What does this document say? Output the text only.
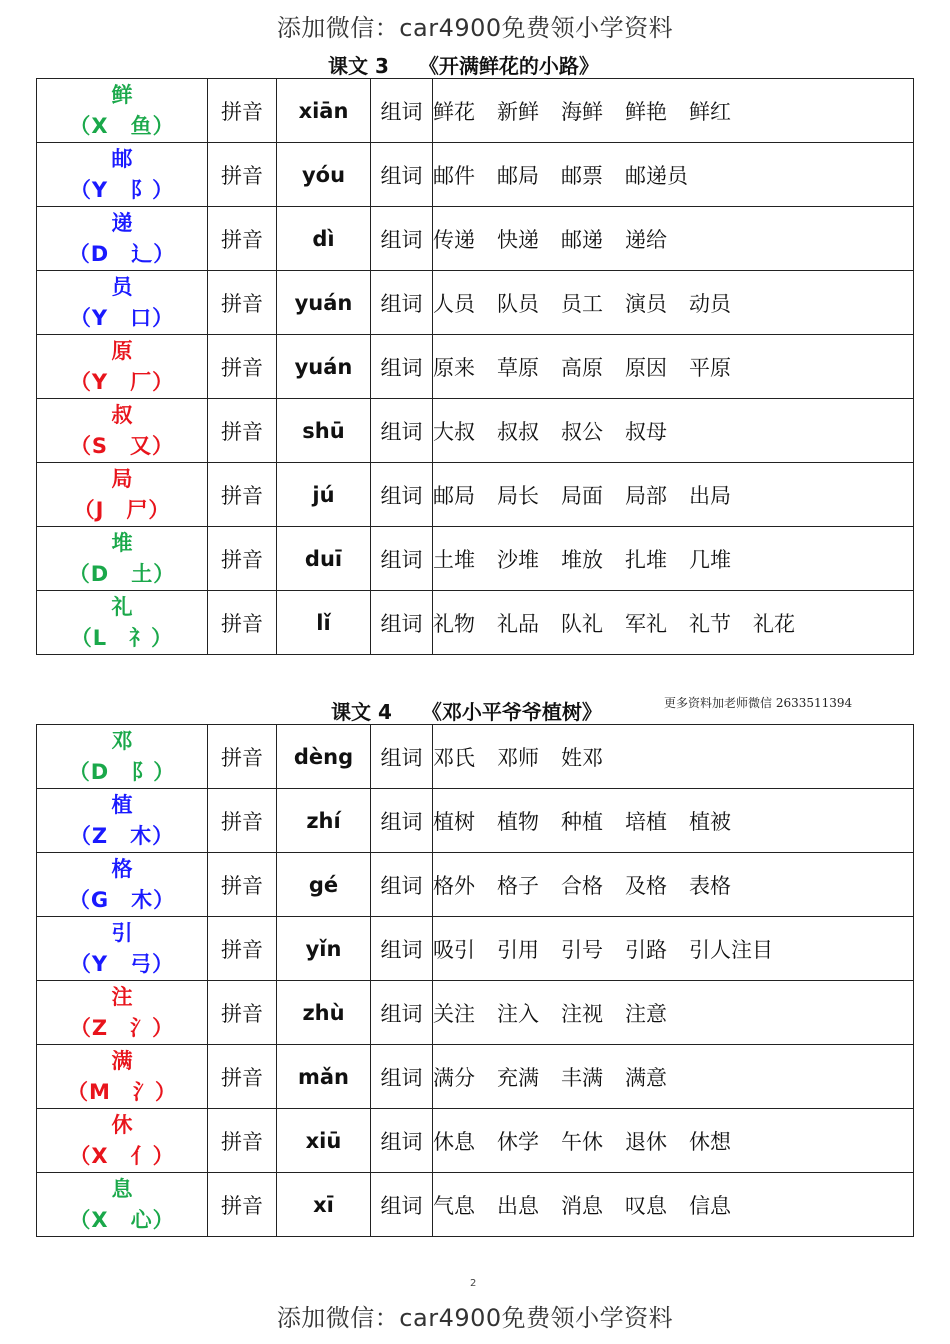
添加微信：car4900免费领小学资料
课文 3 《开满鲜花的小路》
鲜
（X　鱼）	拼音	xiān	组词	鲜花 新鲜 海鲜 鲜艳 鲜红

邮
（Y　阝）	拼音	yóu	组词	邮件 邮局 邮票 邮递员

递
（D　辶）	拼音	dì	组词	传递 快递 邮递 递给

员
（Y　口）	拼音	yuán	组词	人员 队员 员工 演员 动员

原
（Y　厂）	拼音	yuán	组词	原来 草原 高原 原因 平原

叔
（S　又）	拼音	shū	组词	大叔 叔叔 叔公 叔母

局
（J　尸）	拼音	jú	组词	邮局 局长 局面 局部 出局

堆
（D　土）	拼音	duī	组词	土堆 沙堆 堆放 扎堆 几堆

礼
（L　礻）	拼音	lǐ	组词	礼物 礼品 队礼 军礼 礼节 礼花
课文 4 《邓小平爷爷植树》	更多资料加老师微信 2633511394
邓
（D　阝）	拼音	dèng	组词	邓氏 邓师 姓邓

植
（Z　木）	拼音	zhí	组词	植树 植物 种植 培植 植被

格
（G　木）	拼音	gé	组词	格外 格子 合格 及格 表格

引
（Y　弓）	拼音	yǐn	组词	吸引 引用 引号 引路 引人注目

注
（Z　氵）	拼音	zhù	组词	关注 注入 注视 注意

满
（M　氵）	拼音	mǎn	组词	满分 充满 丰满 满意

休
（X　亻）	拼音	xiū	组词	休息 休学 午休 退休 休想

息
（X　心）	拼音	xī	组词	气息 出息 消息 叹息 信息
2
添加微信：car4900免费领小学资料
